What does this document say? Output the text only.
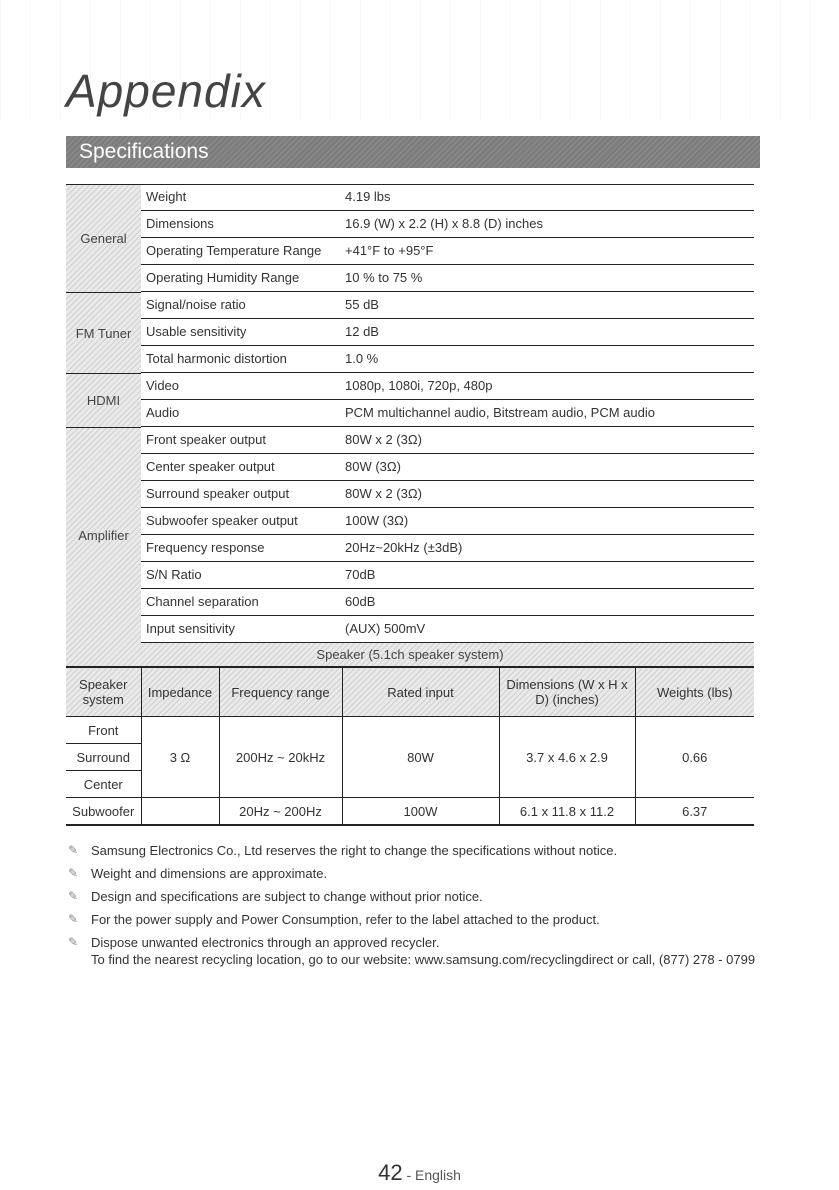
Appendix
Specifications
General
Weight	4.19 lbs
Dimensions	16.9 (W) x 2.2 (H) x 8.8 (D) inches
Operating Temperature Range +41°F to +95°F
Operating Humidity Range	10 % to 75 %
FM Tuner
Signal/noise ratio	55 dB
Usable sensitivity	12 dB
Total harmonic distortion	1.0 %
HDMI
Video	1080p, 1080i, 720p, 480p
Audio	PCM multichannel audio, Bitstream audio, PCM audio
Amplifier
Front speaker output	80W x 2 (3Ω)
Center speaker output	80W (3Ω)
Surround speaker output	80W x 2 (3Ω)
Subwoofer speaker output	100W (3Ω)
Frequency response	20Hz~20kHz (±3dB)
S/N Ratio	70dB
Channel separation	60dB
Input sensitivity	(AUX) 500mV
Speaker (5.1ch speaker system)
Speaker system	Impedance	Frequency range	Rated input	Dimensions (W x H x D) (inches)	Weights (lbs)
Front	3 Ω	200Hz ~ 20kHz	80W	3.7 x 4.6 x 2.9	0.66
Surround					
Center					
Subwoofer		20Hz ~ 200Hz	100W	6.1 x 11.8 x 11.2	6.37
✎ Samsung Electronics Co., Ltd reserves the right to change the specifications without notice.
✎ Weight and dimensions are approximate.
✎ Design and specifications are subject to change without prior notice.
✎ For the power supply and Power Consumption, refer to the label attached to the product.
✎ Dispose unwanted electronics through an approved recycler.
To find the nearest recycling location, go to our website: www.samsung.com/recyclingdirect or call, (877) 278 - 0799
42 - English
